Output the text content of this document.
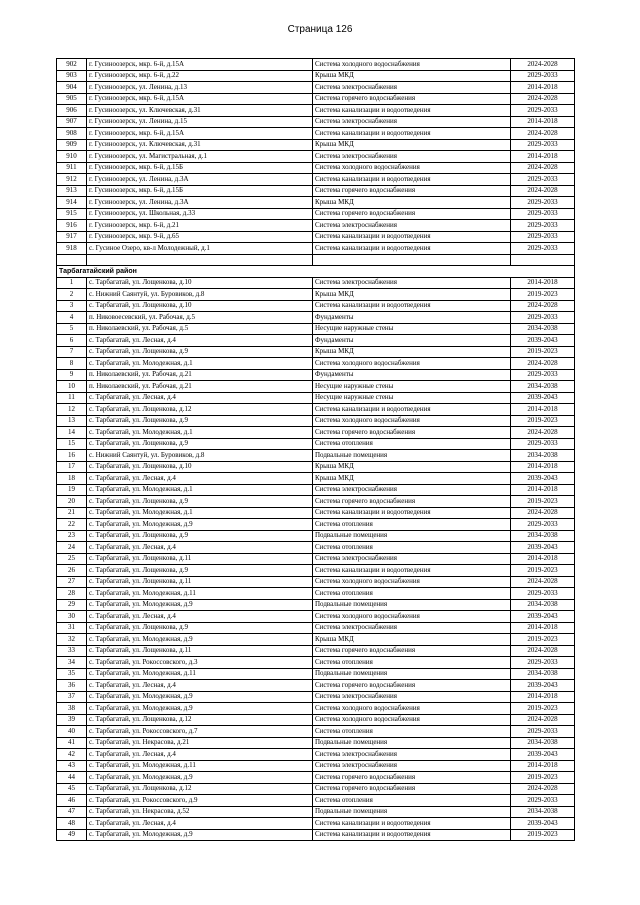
Страница 126
902	г. Гусиноозерск, мкр. 6-й, д.15А	Система холодного водоснабжения	2024-2028
903	г. Гусиноозерск, мкр. 6-й, д.22	Крыша МКД	2029-2033
904	г. Гусиноозерск, ул. Ленина, д.13	Система электроснабжения	2014-2018
905	г. Гусиноозерск, мкр. 6-й, д.15А	Система горячего водоснабжения	2024-2028
906	г. Гусиноозерск, ул. Ключевская, д.31	Система канализации и водоотведения	2029-2033
907	г. Гусиноозерск, ул. Ленина, д.15	Система электроснабжения	2014-2018
908	г. Гусиноозерск, мкр. 6-й, д.15А	Система канализации и водоотведения	2024-2028
909	г. Гусиноозерск, ул. Ключевская, д.31	Крыша МКД	2029-2033
910	г. Гусиноозерск, ул. Магистральная, д.1	Система электроснабжения	2014-2018
911	г. Гусиноозерск, мкр. 6-й, д.15Б	Система холодного водоснабжения	2024-2028
912	г. Гусиноозерск, ул. Ленина, д.3А	Система канализации и водоотведения	2029-2033
913	г. Гусиноозерск, мкр. 6-й, д.15Б	Система горячего водоснабжения	2024-2028
914	г. Гусиноозерск, ул. Ленина, д.3А	Крыша МКД	2029-2033
915	г. Гусиноозерск, ул. Школьная, д.33	Система горячего водоснабжения	2029-2033
916	г. Гусиноозерск, мкр. 6-й, д.21	Система электроснабжения	2029-2033
917	г. Гусиноозерск, мкр. 9-й, д.65	Система канализации и водоотведения	2029-2033
918	с. Гусиное Озеро, кв-л Молодежный, д.1	Система канализации и водоотведения	2029-2033

Тарбагатайский район			
1	с. Тарбагатай, ул. Лощенкова, д.10	Система электроснабжения	2014-2018
2	с. Нижний Саянтуй, ул. Буровиков, д.8	Крыша МКД	2019-2023
3	с. Тарбагатай, ул. Лощенкова, д.10	Система канализации и водоотведения	2024-2028
4	п. Никовоесевский, ул. Рабочая, д.5	Фундаменты	2029-2033
5	п. Николаевский, ул. Рабочая, д.5	Несущие наружные стены	2034-2038
6	с. Тарбагатай, ул. Лесная, д.4	Фундаменты	2039-2043
7	с. Тарбагатай, ул. Лощенкова, д.9	Крыша МКД	2019-2023
8	с. Тарбагатай, ул. Молодежная, д.1	Система холодного водоснабжения	2024-2028
9	п. Николаевский, ул. Рабочая, д.21	Фундаменты	2029-2033
10	п. Николаевский, ул. Рабочая, д.21	Несущие наружные стены	2034-2038
11	с. Тарбагатай, ул. Лесная, д.4	Несущие наружные стены	2039-2043
12	с. Тарбагатай, ул. Лощенкова, д.12	Система канализации и водоотведения	2014-2018
13	с. Тарбагатай, ул. Лощенкова, д.9	Система холодного водоснабжения	2019-2023
14	с. Тарбагатай, ул. Молодежная, д.1	Система горячего водоснабжения	2024-2028
15	с. Тарбагатай, ул. Лощенкова, д.9	Система отопления	2029-2033
16	с. Нижний Саянтуй, ул. Буровиков, д.8	Подвальные помещения	2034-2038
17	с. Тарбагатай, ул. Лощенкова, д.10	Крыша МКД	2014-2018
18	с. Тарбагатай, ул. Лесная, д.4	Крыша МКД	2039-2043
19	с. Тарбагатай, ул. Молодежная, д.1	Система электроснабжения	2014-2018
20	с. Тарбагатай, ул. Лощенкова, д.9	Система горячего водоснабжения	2019-2023
21	с. Тарбагатай, ул. Молодежная, д.1	Система канализации и водоотведения	2024-2028
22	с. Тарбагатай, ул. Молодежная, д.9	Система отопления	2029-2033
23	с. Тарбагатай, ул. Лощенкова, д.9	Подвальные помещения	2034-2038
24	с. Тарбагатай, ул. Лесная, д.4	Система отопления	2039-2043
25	с. Тарбагатай, ул. Лощенкова, д.11	Система электроснабжения	2014-2018
26	с. Тарбагатай, ул. Лощенкова, д.9	Система канализации и водоотведения	2019-2023
27	с. Тарбагатай, ул. Лощенкова, д.11	Система холодного водоснабжения	2024-2028
28	с. Тарбагатай, ул. Молодежная, д.11	Система отопления	2029-2033
29	с. Тарбагатай, ул. Молодежная, д.9	Подвальные помещения	2034-2038
30	с. Тарбагатай, ул. Лесная, д.4	Система холодного водоснабжения	2039-2043
31	с. Тарбагатай, ул. Лощенкова, д.9	Система электроснабжения	2014-2018
32	с. Тарбагатай, ул. Молодежная, д.9	Крыша МКД	2019-2023
33	с. Тарбагатай, ул. Лощенкова, д.11	Система горячего водоснабжения	2024-2028
34	с. Тарбагатай, ул. Рокоссовского, д.3	Система отопления	2029-2033
35	с. Тарбагатай, ул. Молодежная, д.11	Подвальные помещения	2034-2038
36	с. Тарбагатай, ул. Лесная, д.4	Система горячего водоснабжения	2039-2043
37	с. Тарбагатай, ул. Молодежная, д.9	Система электроснабжения	2014-2018
38	с. Тарбагатай, ул. Молодежная, д.9	Система холодного водоснабжения	2019-2023
39	с. Тарбагатай, ул. Лощенкова, д.12	Система холодного водоснабжения	2024-2028
40	с. Тарбагатай, ул. Рокоссовского, д.7	Система отопления	2029-2033
41	с. Тарбагатай, ул. Некрасова, д.21	Подвальные помещения	2034-2038
42	с. Тарбагатай, ул. Лесная, д.4	Система электроснабжения	2039-2043
43	с. Тарбагатай, ул. Молодежная, д.11	Система электроснабжения	2014-2018
44	с. Тарбагатай, ул. Молодежная, д.9	Система горячего водоснабжения	2019-2023
45	с. Тарбагатай, ул. Лощенкова, д.12	Система горячего водоснабжения	2024-2028
46	с. Тарбагатай, ул. Рокоссовского, д.9	Система отопления	2029-2033
47	с. Тарбагатай, ул. Некрасова, д.52	Подвальные помещения	2034-2038
48	с. Тарбагатай, ул. Лесная, д.4	Система канализации и водоотведения	2039-2043
49	с. Тарбагатай, ул. Молодежная, д.9	Система канализации и водоотведения	2019-2023
